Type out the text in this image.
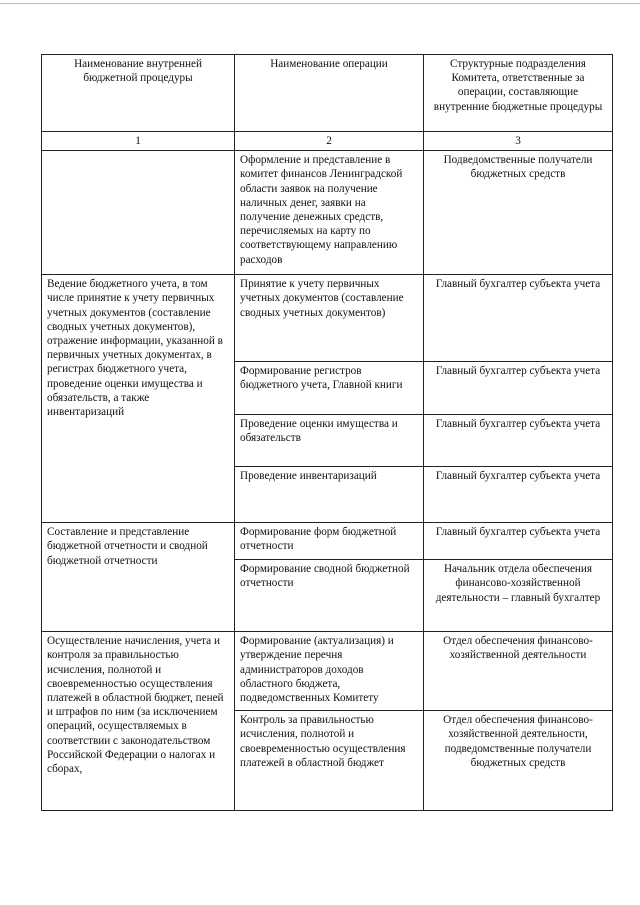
Наименование внутренней бюджетной процедуры	Наименование операции	Структурные подразделения Комитета, ответственные за операции, составляющие внутренние бюджетные процедуры
1	2	3
	Оформление и представление в комитет финансов Ленинградской области заявок на получение наличных денег, заявки на получение денежных средств, перечисляемых на карту по соответствующему направлению расходов	Подведомственные получатели бюджетных средств
Ведение бюджетного учета, в том числе принятие к учету первичных учетных документов (составление сводных учетных документов), отражение информации, указанной в первичных учетных документах, в регистрах бюджетного учета, проведение оценки имущества и обязательств, а также инвентаризаций	Принятие к учету первичных учетных документов (составление сводных учетных документов)	Главный бухгалтер субъекта учета
	Формирование регистров бюджетного учета, Главной книги	Главный бухгалтер субъекта учета
	Проведение оценки имущества и обязательств	Главный бухгалтер субъекта учета
	Проведение инвентаризаций	Главный бухгалтер субъекта учета
Составление и представление бюджетной отчетности и сводной бюджетной отчетности	Формирование форм бюджетной отчетности	Главный бухгалтер субъекта учета
	Формирование сводной бюджетной отчетности	Начальник отдела обеспечения финансово-хозяйственной деятельности – главный бухгалтер
Осуществление начисления, учета и контроля за правильностью исчисления, полнотой и своевременностью осуществления платежей в областной бюджет, пеней и штрафов по ним (за исключением операций, осуществляемых в соответствии с законодательством Российской Федерации о налогах и сборах,	Формирование (актуализация) и утверждение перечня администраторов доходов областного бюджета, подведомственных Комитету	Отдел обеспечения финансово-хозяйственной деятельности
	Контроль за правильностью исчисления, полнотой и своевременностью осуществления платежей в областной бюджет	Отдел обеспечения финансово-хозяйственной деятельности, подведомственные получатели бюджетных средств
